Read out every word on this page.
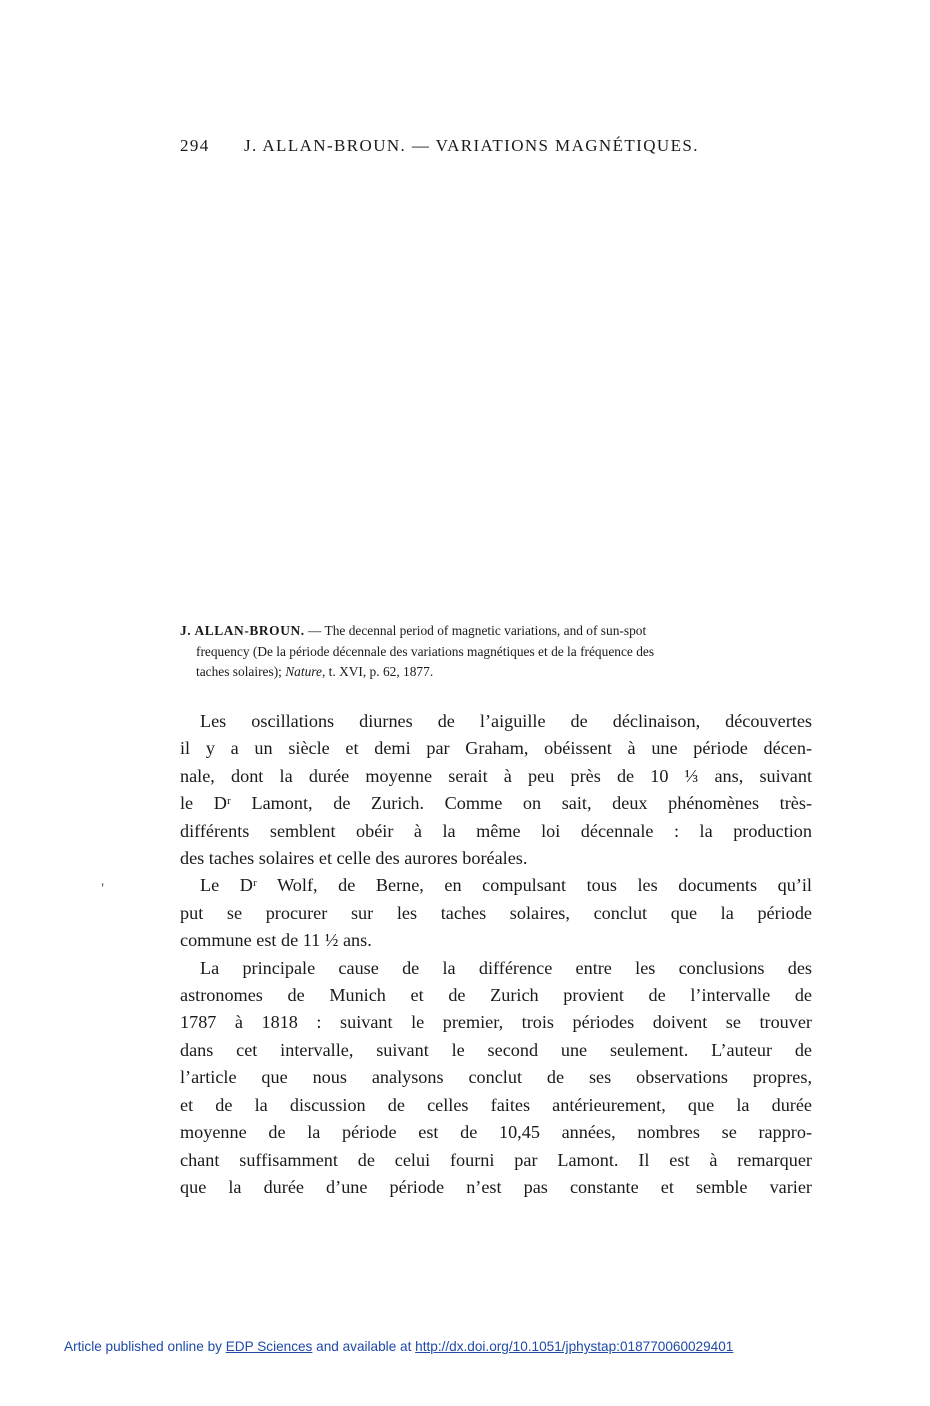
294 J. ALLAN-BROUN. — VARIATIONS MAGNÉTIQUES.
J. ALLAN-BROUN. — The decennal period of magnetic variations, and of sun-spot
frequency (De la période décennale des variations magnétiques et de la fréquence des
taches solaires); Nature, t. XVI, p. 62, 1877.

Les oscillations diurnes de l’aiguille de déclinaison, découvertes
il y a un siècle et demi par Graham, obéissent à une période décen-
nale, dont la durée moyenne serait à peu près de 10 ⅓ ans, suivant
le Dʳ Lamont, de Zurich. Comme on sait, deux phénomènes très-
différents semblent obéir à la même loi décennale : la production
des taches solaires et celle des aurores boréales.

Le Dʳ Wolf, de Berne, en compulsant tous les documents qu’il
put se procurer sur les taches solaires, conclut que la période
commune est de 11 ½ ans.

La principale cause de la différence entre les conclusions des
astronomes de Munich et de Zurich provient de l’intervalle de
1787 à 1818 : suivant le premier, trois périodes doivent se trouver
dans cet intervalle, suivant le second une seulement. L’auteur de
l’article que nous analysons conclut de ses observations propres,
et de la discussion de celles faites antérieurement, que la durée
moyenne de la période est de 10,45 années, nombres se rappro-
chant suffisamment de celui fourni par Lamont. Il est à remarquer
que la durée d’une période n’est pas constante et semble varier

’
Article published online by EDP Sciences and available at http://dx.doi.org/10.1051/jphystap:018770060029401
